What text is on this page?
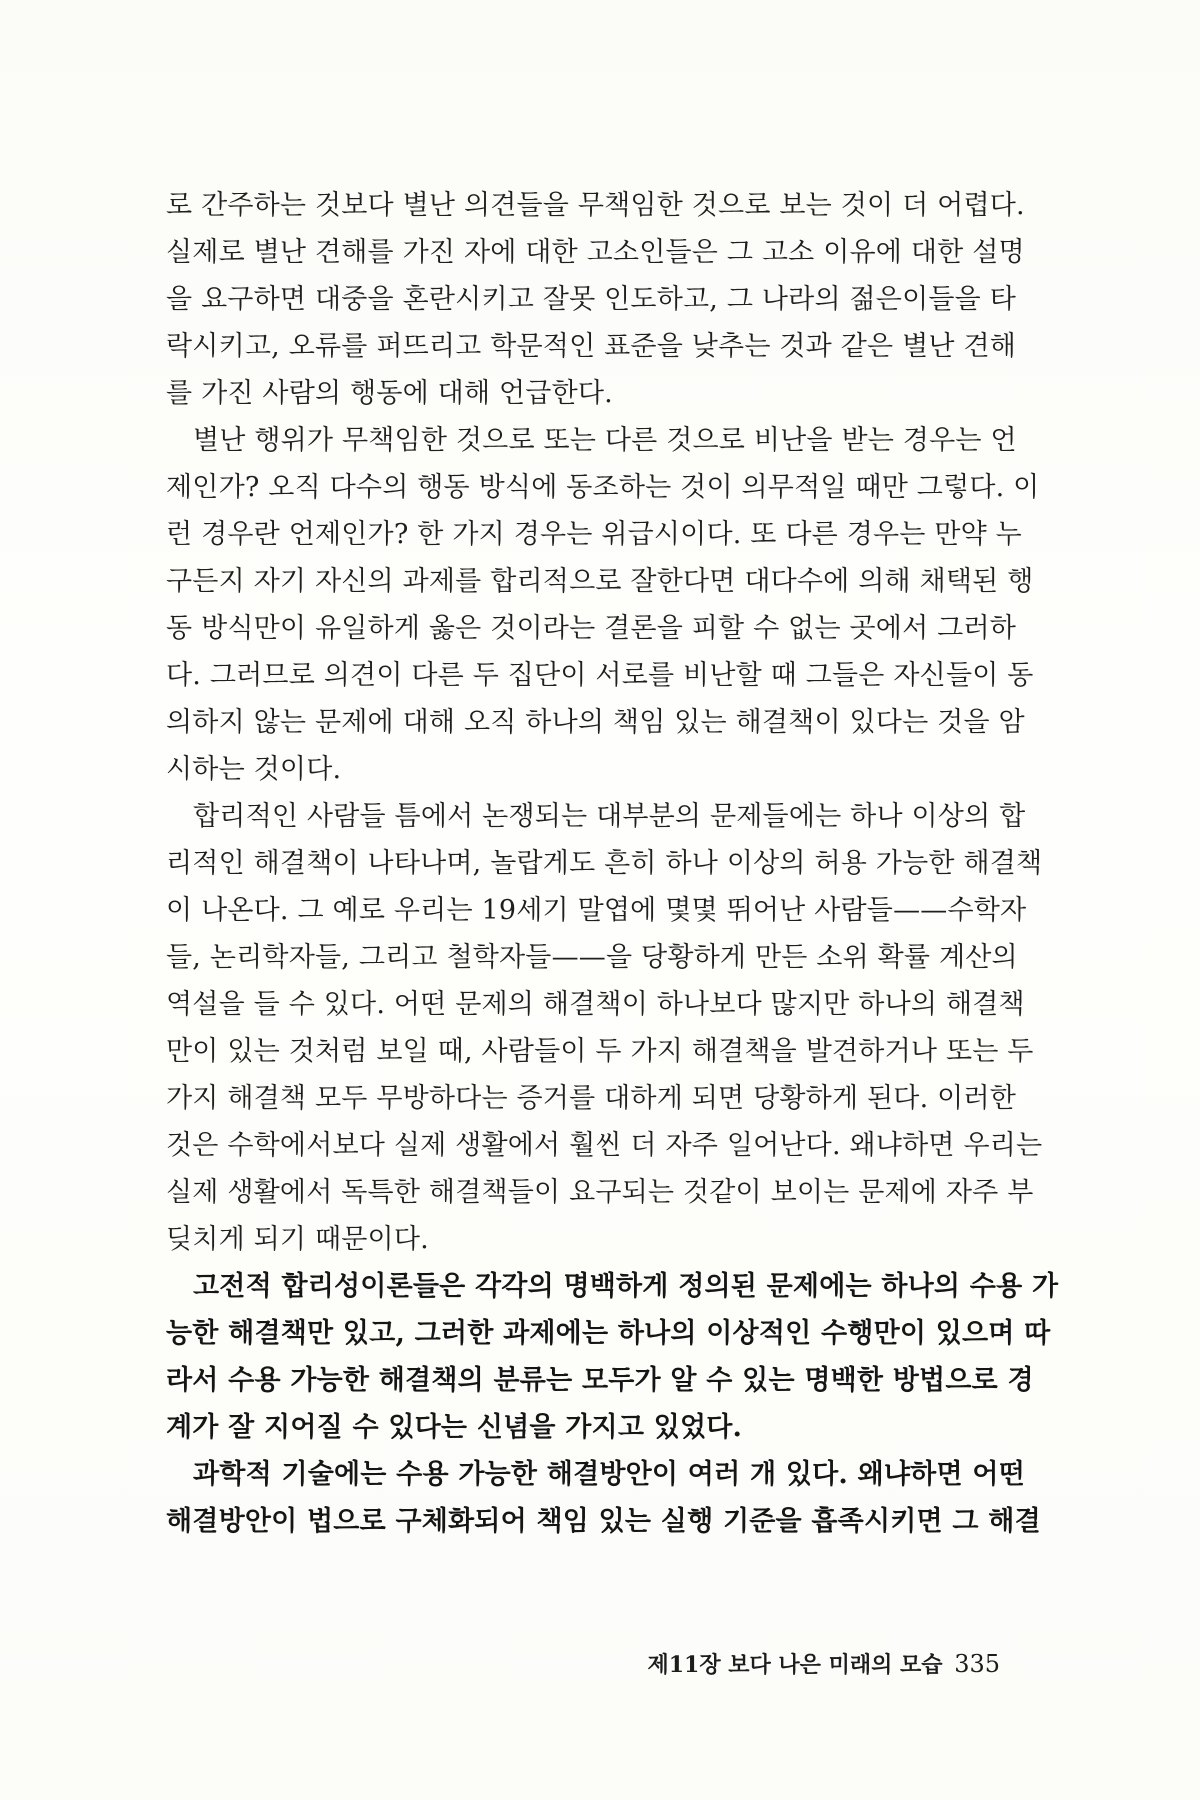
로 간주하는 것보다 별난 의견들을 무책임한 것으로 보는 것이 더 어렵다.
실제로 별난 견해를 가진 자에 대한 고소인들은 그 고소 이유에 대한 설명
을 요구하면 대중을 혼란시키고 잘못 인도하고, 그 나라의 젊은이들을 타
락시키고, 오류를 퍼뜨리고 학문적인 표준을 낮추는 것과 같은 별난 견해
를 가진 사람의 행동에 대해 언급한다.
별난 행위가 무책임한 것으로 또는 다른 것으로 비난을 받는 경우는 언
제인가? 오직 다수의 행동 방식에 동조하는 것이 의무적일 때만 그렇다. 이
런 경우란 언제인가? 한 가지 경우는 위급시이다. 또 다른 경우는 만약 누
구든지 자기 자신의 과제를 합리적으로 잘한다면 대다수에 의해 채택된 행
동 방식만이 유일하게 옳은 것이라는 결론을 피할 수 없는 곳에서 그러하
다. 그러므로 의견이 다른 두 집단이 서로를 비난할 때 그들은 자신들이 동
의하지 않는 문제에 대해 오직 하나의 책임 있는 해결책이 있다는 것을 암
시하는 것이다.
합리적인 사람들 틈에서 논쟁되는 대부분의 문제들에는 하나 이상의 합
리적인 해결책이 나타나며, 놀랍게도 흔히 하나 이상의 허용 가능한 해결책
이 나온다. 그 예로 우리는 19세기 말엽에 몇몇 뛰어난 사람들——수학자
들, 논리학자들, 그리고 철학자들——을 당황하게 만든 소위 확률 계산의
역설을 들 수 있다. 어떤 문제의 해결책이 하나보다 많지만 하나의 해결책
만이 있는 것처럼 보일 때, 사람들이 두 가지 해결책을 발견하거나 또는 두
가지 해결책 모두 무방하다는 증거를 대하게 되면 당황하게 된다. 이러한
것은 수학에서보다 실제 생활에서 훨씬 더 자주 일어난다. 왜냐하면 우리는
실제 생활에서 독특한 해결책들이 요구되는 것같이 보이는 문제에 자주 부
딪치게 되기 때문이다.
고전적 합리성이론들은 각각의 명백하게 정의된 문제에는 하나의 수용 가
능한 해결책만 있고, 그러한 과제에는 하나의 이상적인 수행만이 있으며 따
라서 수용 가능한 해결책의 분류는 모두가 알 수 있는 명백한 방법으로 경
계가 잘 지어질 수 있다는 신념을 가지고 있었다.
과학적 기술에는 수용 가능한 해결방안이 여러 개 있다. 왜냐하면 어떤
해결방안이 법으로 구체화되어 책임 있는 실행 기준을 흡족시키면 그 해결
제11장 보다 나은 미래의 모습 335
